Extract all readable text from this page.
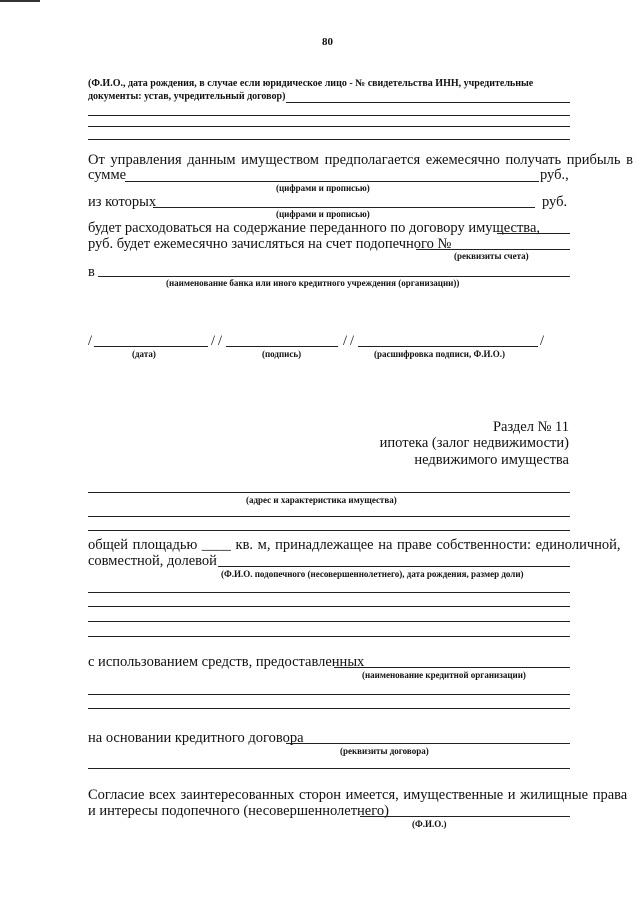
80
(Ф.И.О., дата рождения, в случае если юридическое лицо - № свидетельства ИНН, учредительные
документы: устав, учредительный договор)
От управления данным имуществом предполагается ежемесячно получать прибыль в
сумме	руб.,
(цифрами и прописью)
из которых	руб.
(цифрами и прописью)
будет расходоваться на содержание переданного по договору имущества,
руб. будет ежемесячно зачисляться на счет подопечного №
(реквизиты счета)
в
(наименование банка или иного кредитного учреждения (организации))
/	/ /	/ /	/
(дата)	(подпись)	(расшифровка подписи, Ф.И.О.)
Раздел № 11
ипотека (залог недвижимости)
недвижимого имущества
(адрес и характеристика имущества)
общей площадью ____ кв. м, принадлежащее на праве собственности: единоличной,
совместной, долевой
(Ф.И.О. подопечного (несовершеннолетнего), дата рождения, размер доли)
с использованием средств, предоставленных
(наименование кредитной организации)
на основании кредитного договора
(реквизиты договора)
Согласие всех заинтересованных сторон имеется, имущественные и жилищные права
и интересы подопечного (несовершеннолетнего)
(Ф.И.О.)
